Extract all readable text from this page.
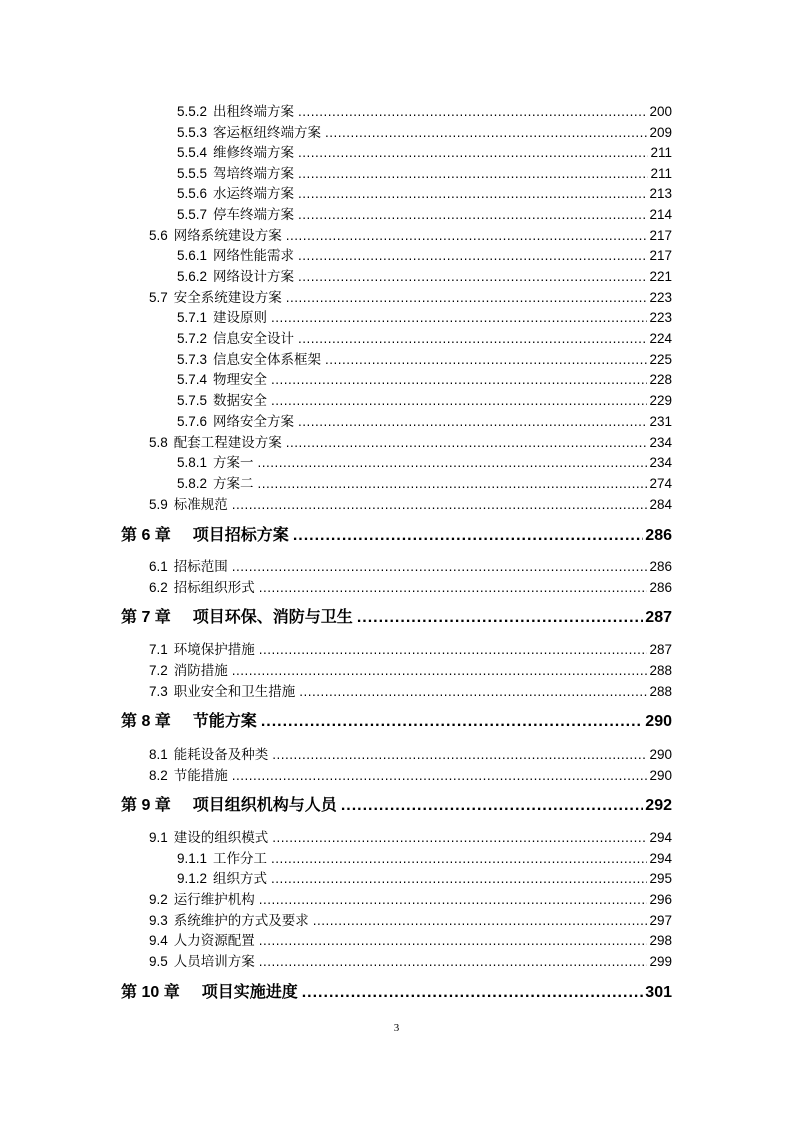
5.5.2 出租终端方案 .....	200
5.5.3 客运枢纽终端方案 .....	209
5.5.4 维修终端方案 .....	211
5.5.5 驾培终端方案 .....	211
5.5.6 水运终端方案 .....	213
5.5.7 停车终端方案 .....	214
5.6 网络系统建设方案 .....	217
5.6.1 网络性能需求 .....	217
5.6.2 网络设计方案 .....	221
5.7 安全系统建设方案 .....	223
5.7.1 建设原则 .....	223
5.7.2 信息安全设计 .....	224
5.7.3 信息安全体系框架 .....	225
5.7.4 物理安全 .....	228
5.7.5 数据安全 .....	229
5.7.6 网络安全方案 .....	231
5.8 配套工程建设方案 .....	234
5.8.1 方案一 .....	234
5.8.2 方案二 .....	274
5.9 标准规范 .....	284
第 6 章 项目招标方案 .....	286
6.1 招标范围 .....	286
6.2 招标组织形式 .....	286
第 7 章 项目环保、消防与卫生 .....	287
7.1 环境保护措施 .....	287
7.2 消防措施 .....	288
7.3 职业安全和卫生措施 .....	288
第 8 章 节能方案 .....	290
8.1 能耗设备及种类 .....	290
8.2 节能措施 .....	290
第 9 章 项目组织机构与人员 .....	292
9.1 建设的组织模式 .....	294
9.1.1 工作分工 .....	294
9.1.2 组织方式 .....	295
9.2 运行维护机构 .....	296
9.3 系统维护的方式及要求 .....	297
9.4 人力资源配置 .....	298
9.5 人员培训方案 .....	299
第 10 章 项目实施进度 .....	301
3
